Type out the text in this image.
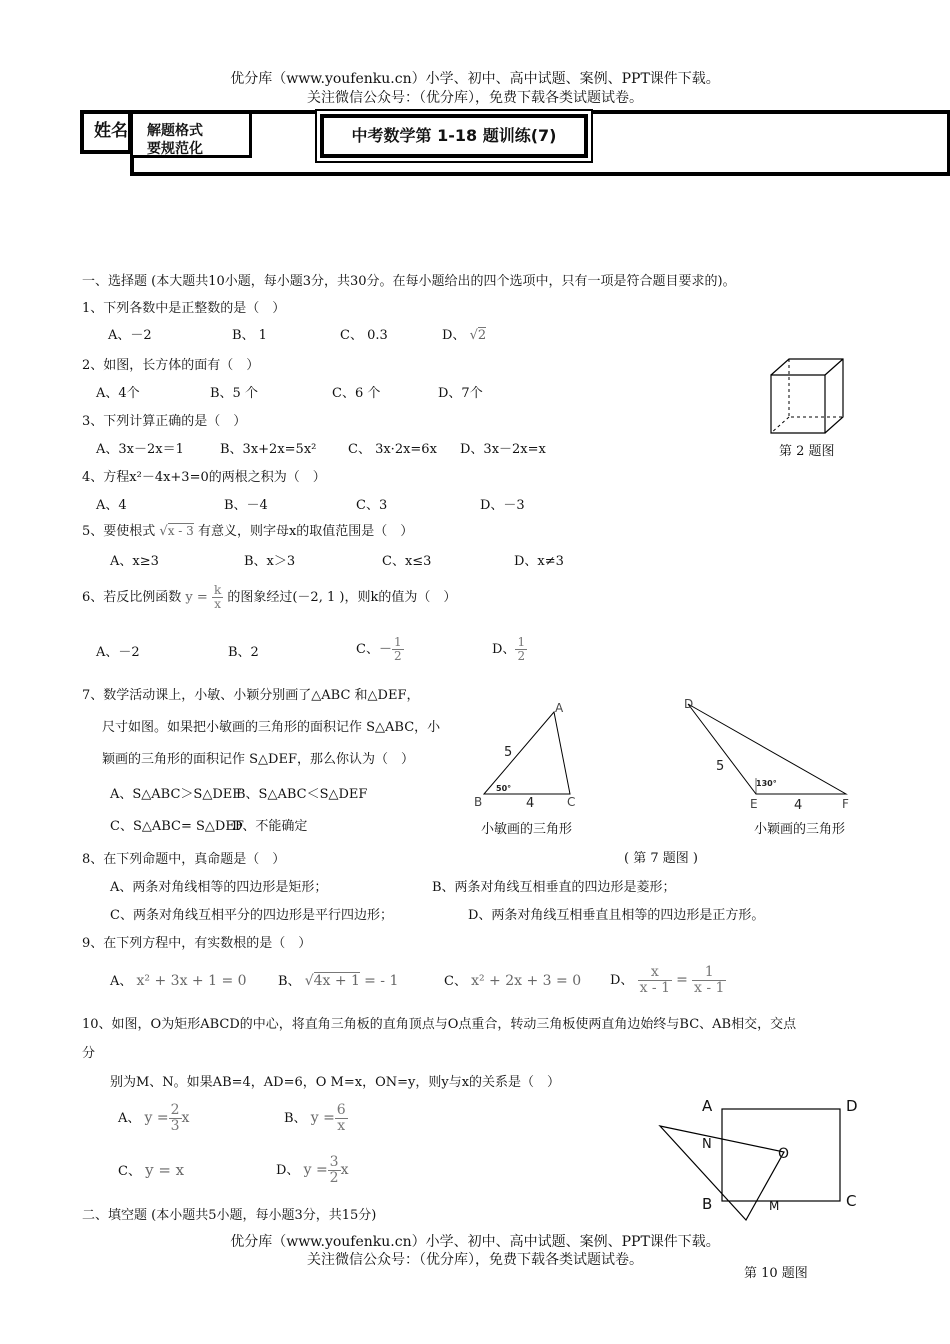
优分库（www.youfenku.cn）小学、初中、高中试题、案例、PPT课件下载。
关注微信公众号：（优分库），免费下载各类试题试卷。
姓名 解题格式
要规范化
中考数学第 1-18 题训练(7)
一、选择题 (本大题共10小题，每小题3分，共30分。在每小题给出的四个选项中，只有一项是符合题目要求的)。
1、下列各数中是正整数的是（　）
A、－2	B、 1	C、 0.3	D、 √2
2、如图，长方体的面有（　）
A、4个	B、5 个	C、6 个	D、7个
第 2 题图
3、下列计算正确的是（　）
A、3x－2x＝1	B、3x+2x=5x² C、 3x·2x=6x D、3x－2x=x
4、方程x²－4x+3=0的两根之积为（　）
A、4	B、－4	C、3	D、－3
5、要使根式 √x - 3 有意义，则字母x的取值范围是（　）
A、x≥3	B、x＞3	C、x≤3	D、x≠3
6、若反比例函数 $y = \frac{k}{x}$ 的图象经过(－2, 1 )，则k的值为（　）
A、－2	B、2	C、－ $\frac{1}{2}$	D、 $\frac{1}{2}$
7、数学活动课上，小敏、小颖分别画了△ABC 和△DEF，
尺寸如图。如果把小敏画的三角形的面积记作 S△ABC，小
颖画的三角形的面积记作 S△DEF，那么你认为（　）
A、S△ABC＞S△DEF
B、S△ABC＜S△DEF
C、S△ABC= S△DEF
D、不能确定
A
B	C
5
4
50°
小敏画的三角形
D
E	F
5
4
130°
小颖画的三角形
( 第 7 题图 )
8、在下列命题中，真命题是（　）
A、两条对角线相等的四边形是矩形；	B、两条对角线互相垂直的四边形是菱形；
C、两条对角线互相平分的四边形是平行四边形；	D、两条对角线互相垂直且相等的四边形是正方形。
9、在下列方程中，有实数根的是（　）
A、 x² + 3x + 1 = 0 B、 √4x + 1 = - 1	C、 x² + 2x + 3 = 0 D、 $\frac{x}{x - 1} = \frac{1}{x - 1}$
10、如图，O为矩形ABCD的中心，将直角三角板的直角顶点与O点重合，转动三角板使两直角边始终与BC、AB相交，交点
分
别为M、N。如果AB=4，AD=6，O M=x，ON=y，则y与x的关系是（　）
A、 $y = \frac{2}{3}$ x	B、 $y = \frac{6}{x}$
C、 y = x	D、 $y = \frac{3}{2}$ x
A	D
C
B
N
O
M
第 10 题图
二、填空题 (本小题共5小题，每小题3分，共15分)
优分库（www.youfenku.cn）小学、初中、高中试题、案例、PPT课件下载。
关注微信公众号：（优分库），免费下载各类试题试卷。
